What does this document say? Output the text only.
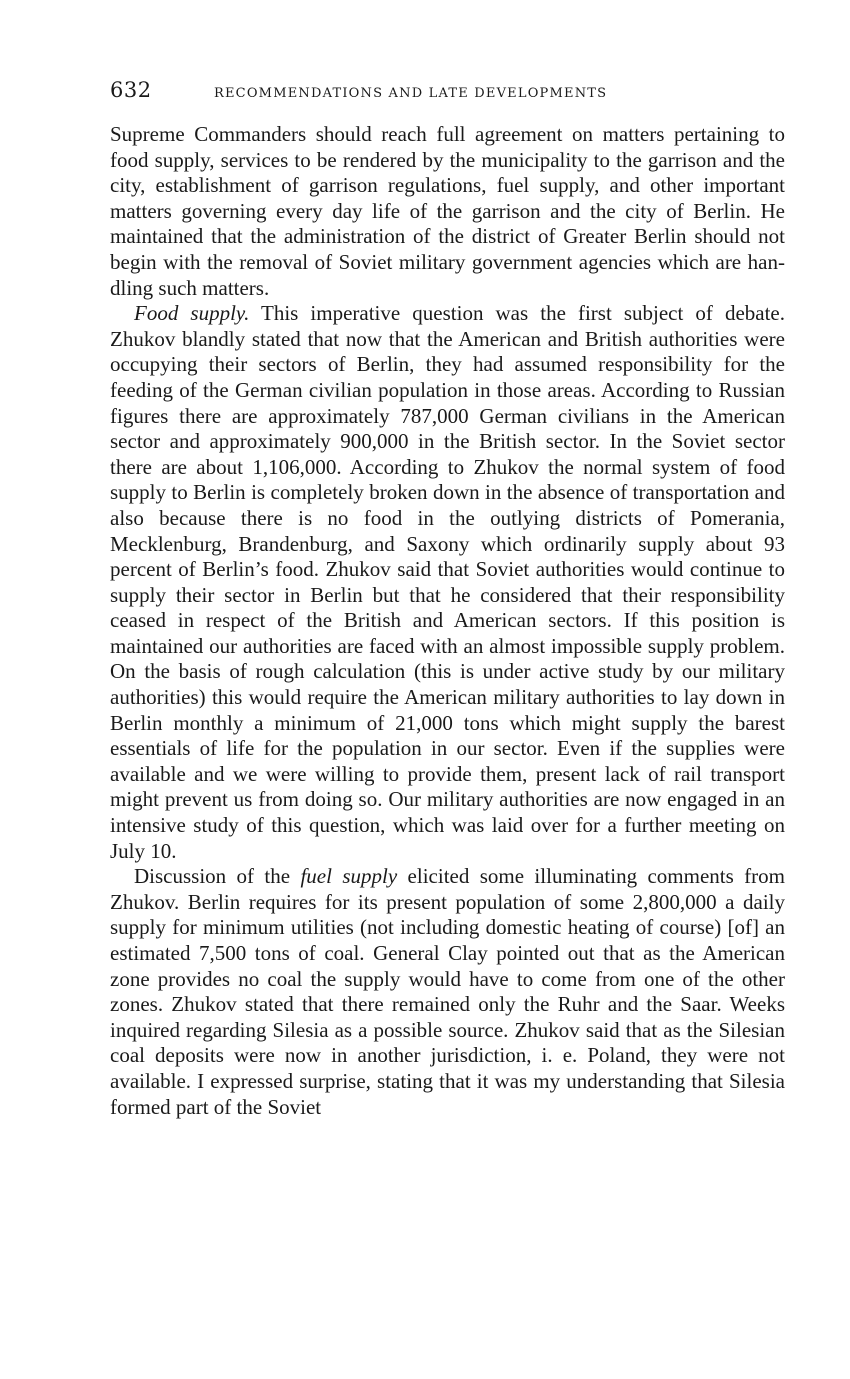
632	RECOMMENDATIONS AND LATE DEVELOPMENTS

Supreme Commanders should reach full agreement on matters pertaining to food supply, services to be rendered by the municipality to the garrison and the city, establishment of garrison regulations, fuel supply, and other important matters governing every day life of the garrison and the city of Berlin. He maintained that the administration of the district of Greater Berlin should not begin with the removal of Soviet military government agencies which are handling such matters.

Food supply. This imperative question was the first subject of debate. Zhukov blandly stated that now that the American and British authorities were occupying their sectors of Berlin, they had assumed responsibility for the feeding of the German civilian population in those areas. According to Russian figures there are approximately 787,000 German civilians in the American sector and approximately 900,000 in the British sector. In the Soviet sector there are about 1,106,000. According to Zhukov the normal system of food supply to Berlin is completely broken down in the absence of transportation and also because there is no food in the outlying districts of Pomerania, Mecklenburg, Brandenburg, and Saxony which ordinarily supply about 93 percent of Berlin’s food. Zhukov said that Soviet authorities would continue to supply their sector in Berlin but that he considered that their responsibility ceased in respect of the British and American sectors. If this position is maintained our authorities are faced with an almost impossible supply problem. On the basis of rough calculation (this is under active study by our military authorities) this would require the American military authorities to lay down in Berlin monthly a minimum of 21,000 tons which might supply the barest essentials of life for the population in our sector. Even if the supplies were available and we were willing to provide them, present lack of rail transport might prevent us from doing so. Our military authorities are now engaged in an intensive study of this question, which was laid over for a further meeting on July 10.

Discussion of the fuel supply elicited some illuminating comments from Zhukov. Berlin requires for its present population of some 2,800,000 a daily supply for minimum utilities (not including domestic heating of course) [of] an estimated 7,500 tons of coal. General Clay pointed out that as the American zone provides no coal the supply would have to come from one of the other zones. Zhukov stated that there remained only the Ruhr and the Saar. Weeks inquired regarding Silesia as a possible source. Zhukov said that as the Silesian coal deposits were now in another jurisdiction, i. e. Poland, they were not available. I expressed surprise, stating that it was my understanding that Silesia formed part of the Soviet
